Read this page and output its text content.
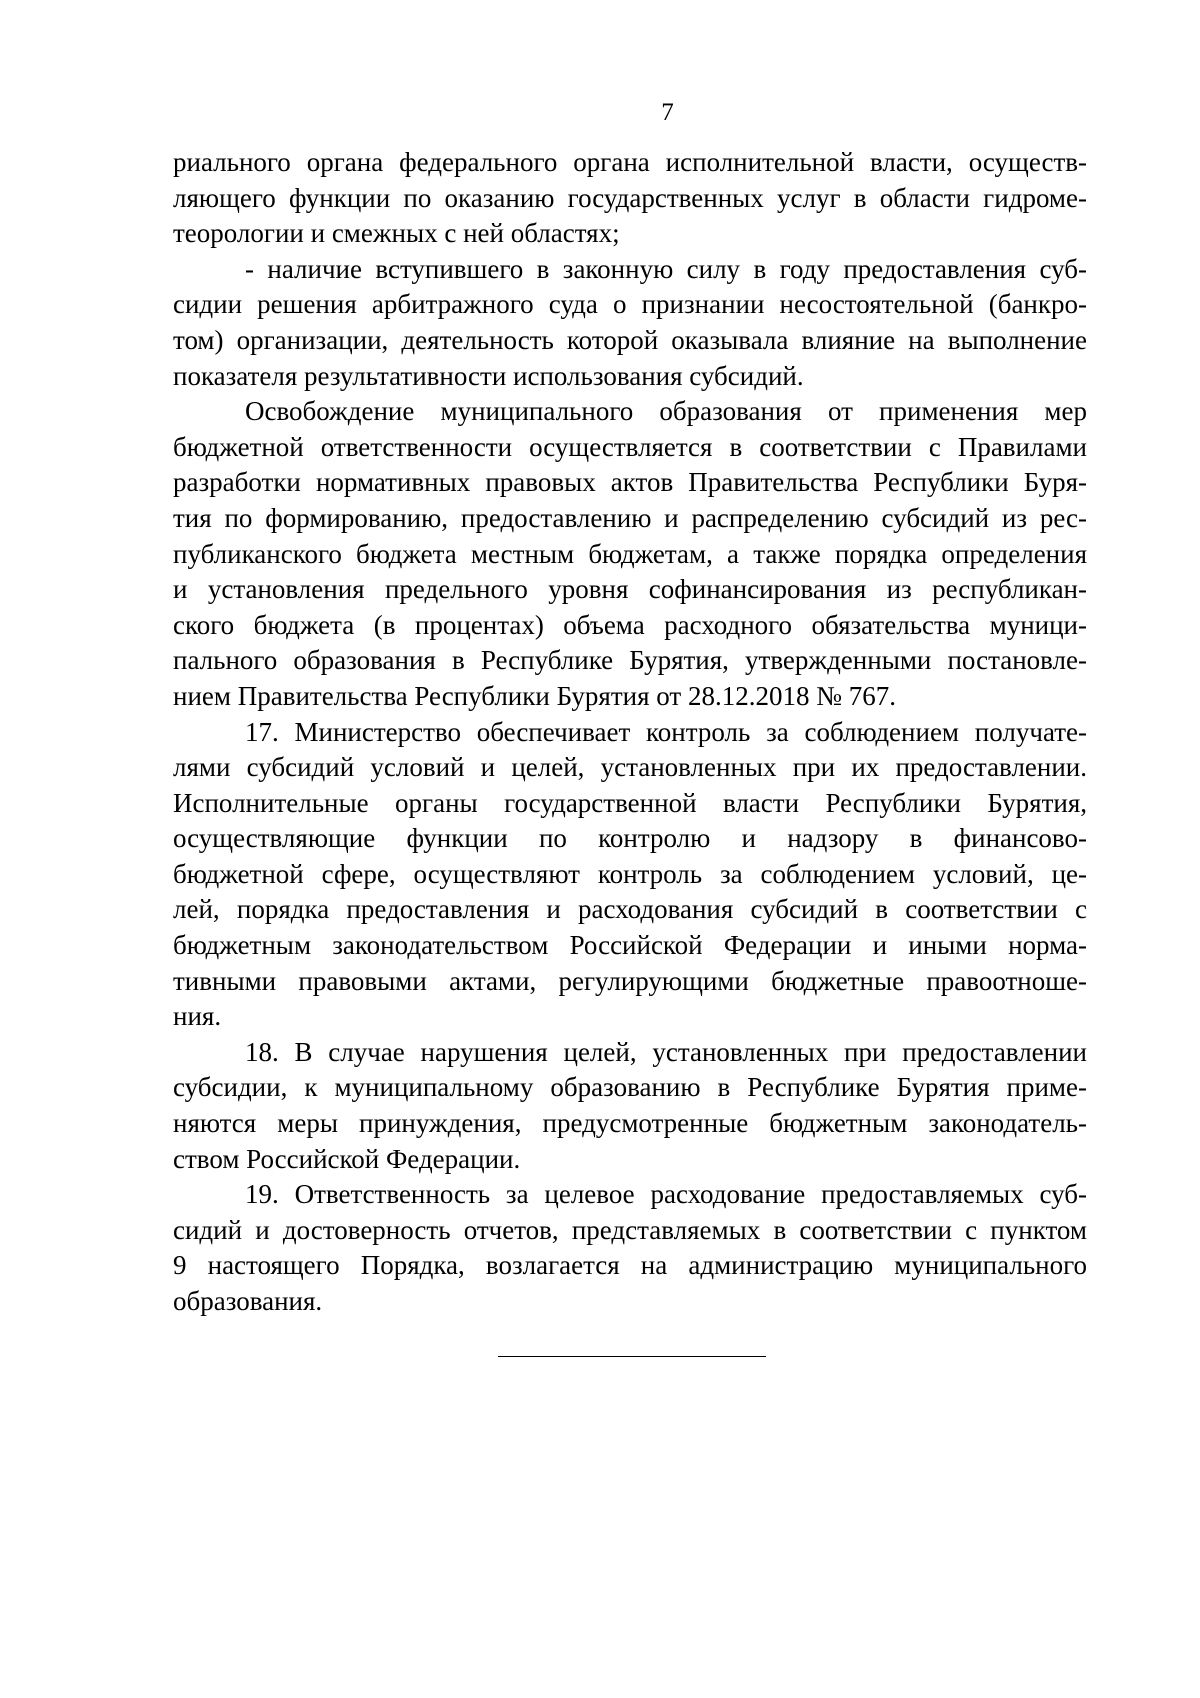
7
риального органа федерального органа исполнительной власти, осуществ-
ляющего функции по оказанию государственных услуг в области гидроме-
теорологии и смежных с ней областях;
- наличие вступившего в законную силу в году предоставления суб-
сидии решения арбитражного суда о признании несостоятельной (банкро-
том) организации, деятельность которой оказывала влияние на выполнение
показателя результативности использования субсидий.
Освобождение муниципального образования от применения мер
бюджетной ответственности осуществляется в соответствии с Правилами
разработки нормативных правовых актов Правительства Республики Буря-
тия по формированию, предоставлению и распределению субсидий из рес-
публиканского бюджета местным бюджетам, а также порядка определения
и установления предельного уровня софинансирования из республикан-
ского бюджета (в процентах) объема расходного обязательства муници-
пального образования в Республике Бурятия, утвержденными постановле-
нием Правительства Республики Бурятия от 28.12.2018 № 767.
17. Министерство обеспечивает контроль за соблюдением получате-
лями субсидий условий и целей, установленных при их предоставлении.
Исполнительные органы государственной власти Республики Бурятия,
осуществляющие функции по контролю и надзору в финансово-
бюджетной сфере, осуществляют контроль за соблюдением условий, це-
лей, порядка предоставления и расходования субсидий в соответствии с
бюджетным законодательством Российской Федерации и иными норма-
тивными правовыми актами, регулирующими бюджетные правоотноше-
ния.
18. В случае нарушения целей, установленных при предоставлении
субсидии, к муниципальному образованию в Республике Бурятия приме-
няются меры принуждения, предусмотренные бюджетным законодатель-
ством Российской Федерации.
19. Ответственность за целевое расходование предоставляемых суб-
сидий и достоверность отчетов, представляемых в соответствии с пунктом
9 настоящего Порядка, возлагается на администрацию муниципального
образования.
